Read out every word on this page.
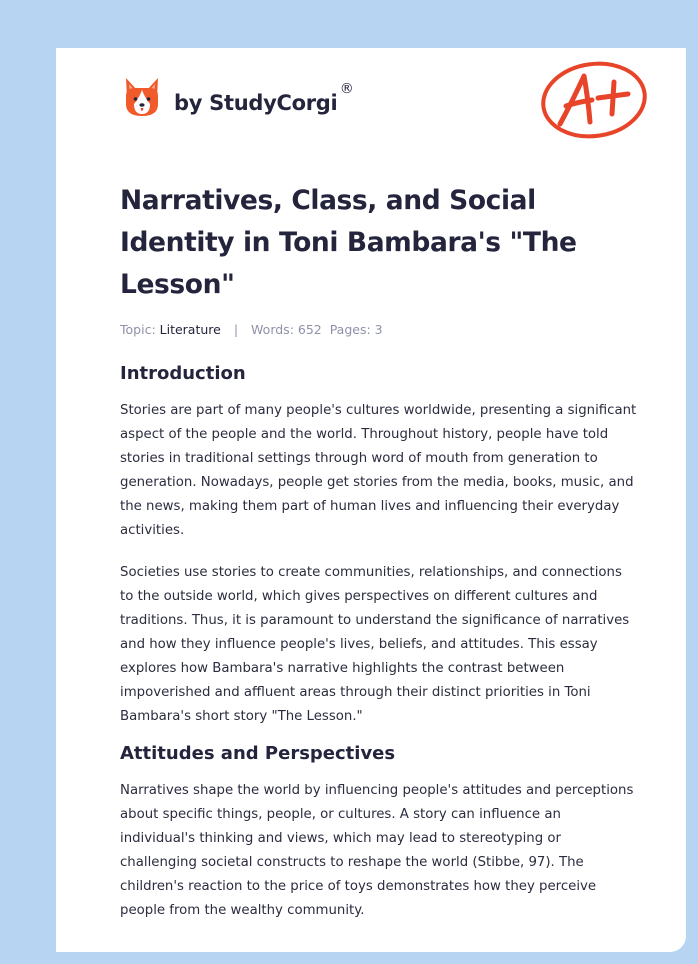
by StudyCorgi
®
Narratives, Class, and Social Identity in Toni Bambara's "The Lesson"
Topic: Literature | Words: 652 Pages: 3
Introduction

Stories are part of many people's cultures worldwide, presenting a significant aspect of the people and the world. Throughout history, people have told stories in traditional settings through word of mouth from generation to generation. Nowadays, people get stories from the media, books, music, and the news, making them part of human lives and influencing their everyday activities.

Societies use stories to create communities, relationships, and connections to the outside world, which gives perspectives on different cultures and traditions. Thus, it is paramount to understand the significance of narratives and how they influence people's lives, beliefs, and attitudes. This essay explores how Bambara's narrative highlights the contrast between impoverished and affluent areas through their distinct priorities in Toni Bambara's short story "The Lesson."

Attitudes and Perspectives

Narratives shape the world by influencing people's attitudes and perceptions about specific things, people, or cultures. A story can influence an individual's thinking and views, which may lead to stereotyping or challenging societal constructs to reshape the world (Stibbe, 97). The children's reaction to the price of toys demonstrates how they perceive people from the wealthy community.
